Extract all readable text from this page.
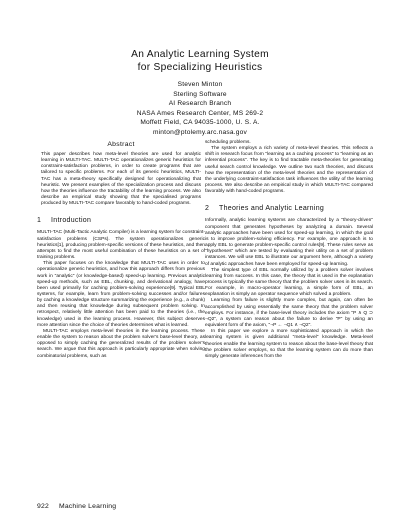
An Analytic Learning System
for Specializing Heuristics
Steven Minton
Sterling Software
AI Research Branch
NASA Ames Research Center, MS 269-2
Moffett Field, CA 94035-1000, U. S. A.
minton@ptolemy.arc.nasa.gov
Abstract

This paper describes how meta-level theories are used for analytic learning in MULTI-TAC. MULTI-TAC operationalizes generic heuristics for constraint-satisfaction problems, in order to create programs that are tailored to specific problems. For each of its generic heuristics, MULTI-TAC has a meta-theory specifically designed for operationalizing that heuristic. We present examples of the specialization process and discuss how the theories influence the tractability of the learning process. We also describe an empirical study showing that the specialised programs produced by MULTI-TAC compare favorably to hand-coded programs.

1 Introduction

MULTI-TAC (Multi-Tactic Analytic Compiler) is a learning system for constraint-satisfaction problems (CSPs). The system operationalizes generic heuristics[1], producing problem-specific versions of these heuristics, and then attempts to find the most useful combination of these heuristics on a set of training problems.

This paper focuses on the knowledge that MULTI-TAC uses in order to operationalize generic heuristics, and how this approach differs from previous work in "analytic" (or knowledge-based) speed-up learning. Previous analytic speed-up methods, such as EBL, chunking, and derivational analogy, have been used primarily for caching problem-solving experience[9]. Typical EBL systems, for example, learn from problem-solving successes and/or failures by caching a knowledge structure summarizing the experience (e.g., a chunk) and then reusing that knowledge during subsequent problem solving. In retrospect, relatively little attention has been paid to the theories (i.e., the knowledge) used in the learning process. However, this subject deserves more attention since the choice of theories determines what is learned.

MULTI-TAC employs meta-level theories in the learning process. These enable the system to reason about the problem solver's base-level theory, as opposed to simply caching the generalized results of the problem solver's search. We argue that this approach is particularly appropriate when solving combinatorial problems, such as

scheduling problems.

The system employs a rich variety of meta-level theories. This reflects a shift in research focus from "learning as a caching process" to "learning as an inferential process". The key is to find tractable meta-theories for generating useful search control knowledge. We outline two such theories, and discuss how the representation of the meta-level theories and the representation of the underlying constraint-satisfaction task influences the utility of the learning process. We also describe an empirical study in which MULTI-TAC compared favorably with hand-coded programs.

2 Theories and Analytic Learning

Informally, analytic learning systems are characterized by a "theory-driven" component that generates hypotheses by analyzing a domain. Several analytic approaches have been used for speed-up learning, in which the goal is to improve problem-solving efficiency. For example, one approach is to apply EBL to generate problem-specific control rules[9]. These rules serve as "hypotheses" which are tested by evaluating their utility on a set of problem instances. We will use EBL to illustrate our argument here, although a variety of analytic approaches have been employed for speed-up learning.

The simplest type of EBL normally utilized by a problem solver involves learning from success. In this case, the theory that is used in the explanation process is typically the same theory that the problem solver uses in its search. For example, in macro-operator learning, a simple form of EBL, an explanation is simply an operator sequence which solved a problem.

Learning from failure is slightly more complex, but again, can often be accomplished by using essentially the same theory that the problem solver employs. For instance, if the base-level theory includes the axiom "P ∧ Q ⊃ ¬Q2", a system can reason about the failure to derive "P" by using an equivalent form of the axiom, "¬P ← ¬Q1 ∧ ¬Q2".

In this paper we explore a more sophisticated approach in which the learning system is given additional "meta-level" knowledge. Meta-level theories enable the learning system to reason about the base-level theory that the problem solver employs, so that the learning system can do more than simply generate inferences from the

922 Machine Learning
